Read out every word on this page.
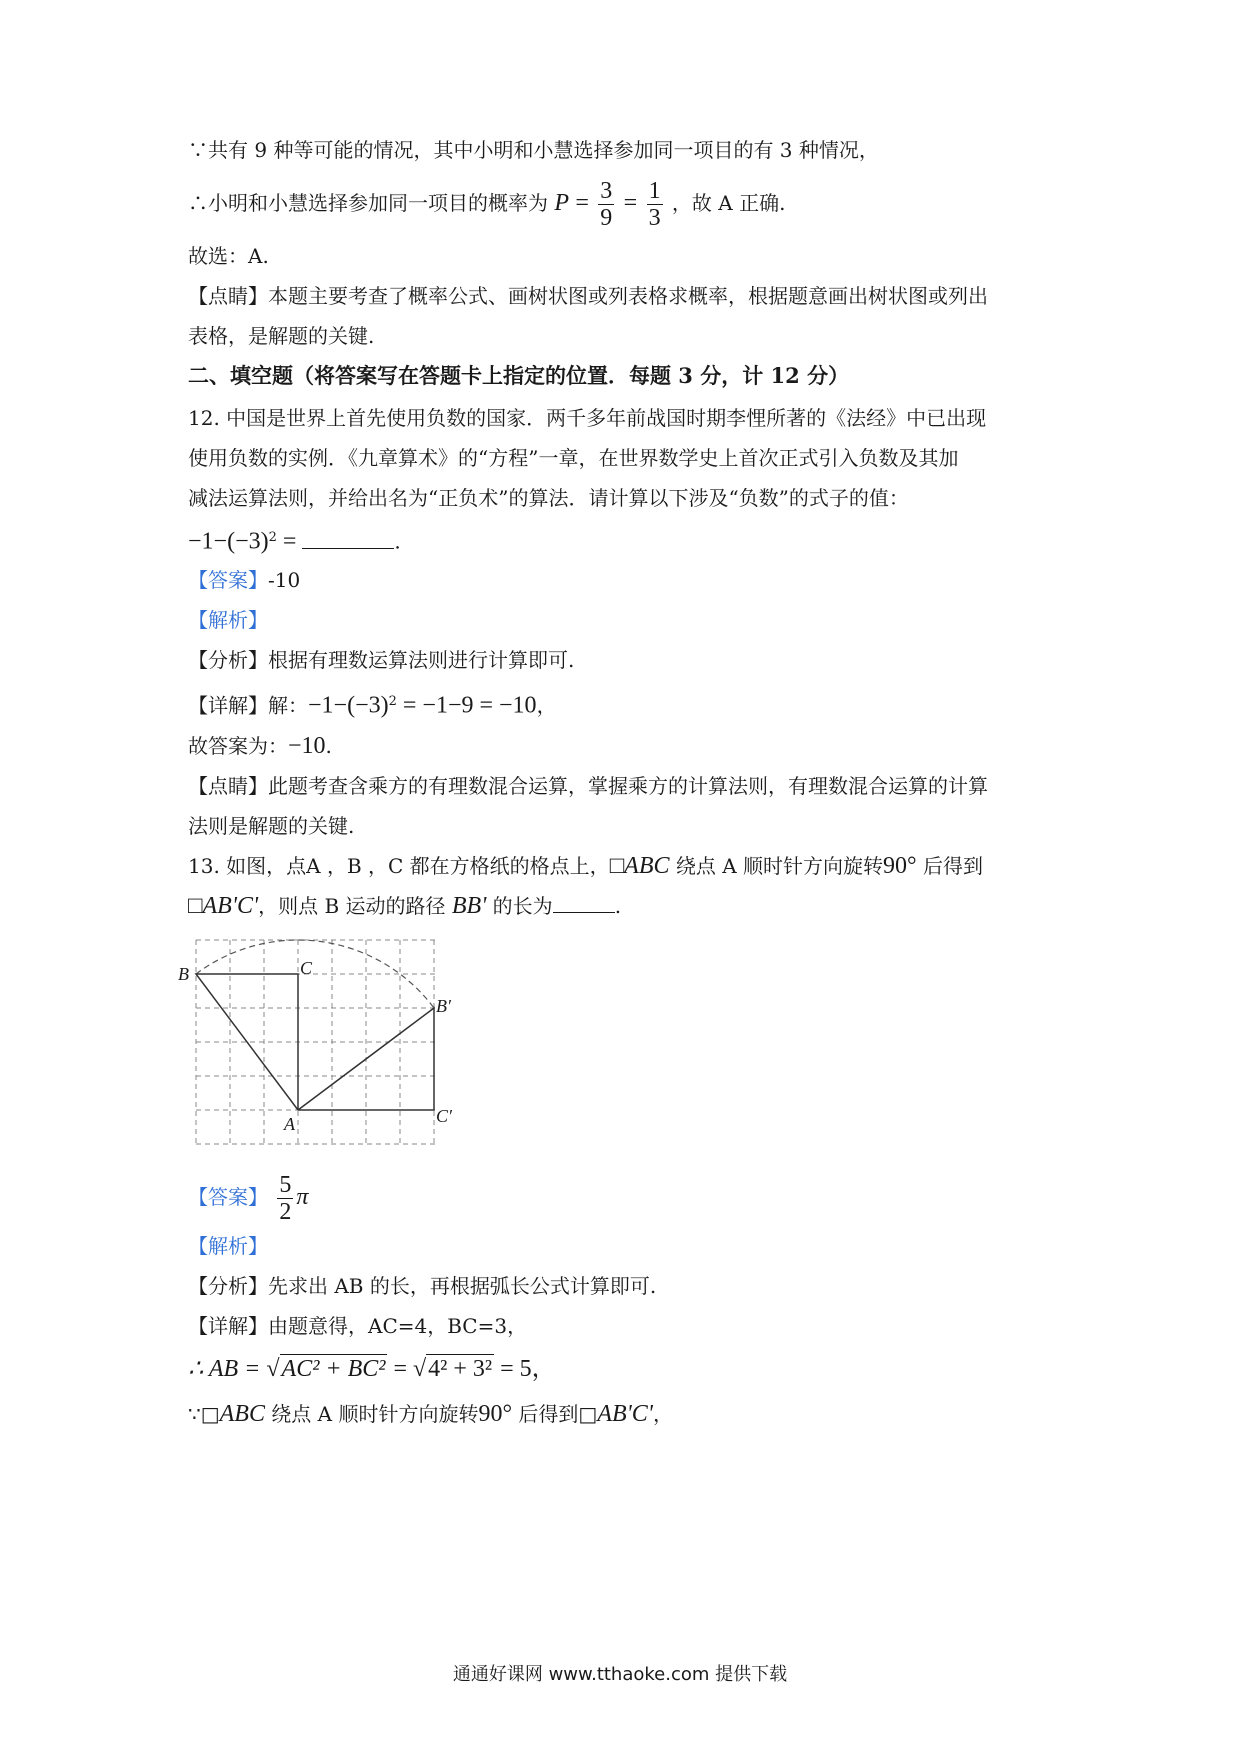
∵共有 9 种等可能的情况，其中小明和小慧选择参加同一项目的有 3 种情况，
∴小明和小慧选择参加同一项目的概率为 $P = \frac{3}{9} = \frac{1}{3}$ ，故 A 正确.
故选：A.
【点睛】本题主要考查了概率公式、画树状图或列表格求概率，根据题意画出树状图或列出
表格，是解题的关键.
二、填空题（将答案写在答题卡上指定的位置．每题 3 分，计 12 分）
12. 中国是世界上首先使用负数的国家．两千多年前战国时期李悝所著的《法经》中已出现
使用负数的实例．《九章算术》的“方程”一章，在世界数学史上首次正式引入负数及其加
减法运算法则，并给出名为“正负术”的算法．请计算以下涉及“负数”的式子的值：
$-1-(-3)^2$ =	.
【答案】-10
【解析】
【分析】根据有理数运算法则进行计算即可.
【详解】解：$-1-(-3)^2 = -1-9 = -10$，
故答案为：−10.
【点睛】此题考查含乘方的有理数混合运算，掌握乘方的计算法则，有理数混合运算的计算
法则是解题的关键.
13. 如图，点A ，B ，C 都在方格纸的格点上，□ABC 绕点 A 顺时针方向旋转90° 后得到
□AB'C'，则点 B 运动的路径 BB' 的长为	.
B	C
B′
A	C′
【答案】 $\frac{5}{2}$ π
【解析】
【分析】先求出 AB 的长，再根据弧长公式计算即可.
【详解】由题意得，AC=4，BC=3，
∴ AB = √AC² + BC² = √4² + 3² = 5，
∵□ABC 绕点 A 顺时针方向旋转90° 后得到□AB'C'，
通通好课网 www.tthaoke.com 提供下载
